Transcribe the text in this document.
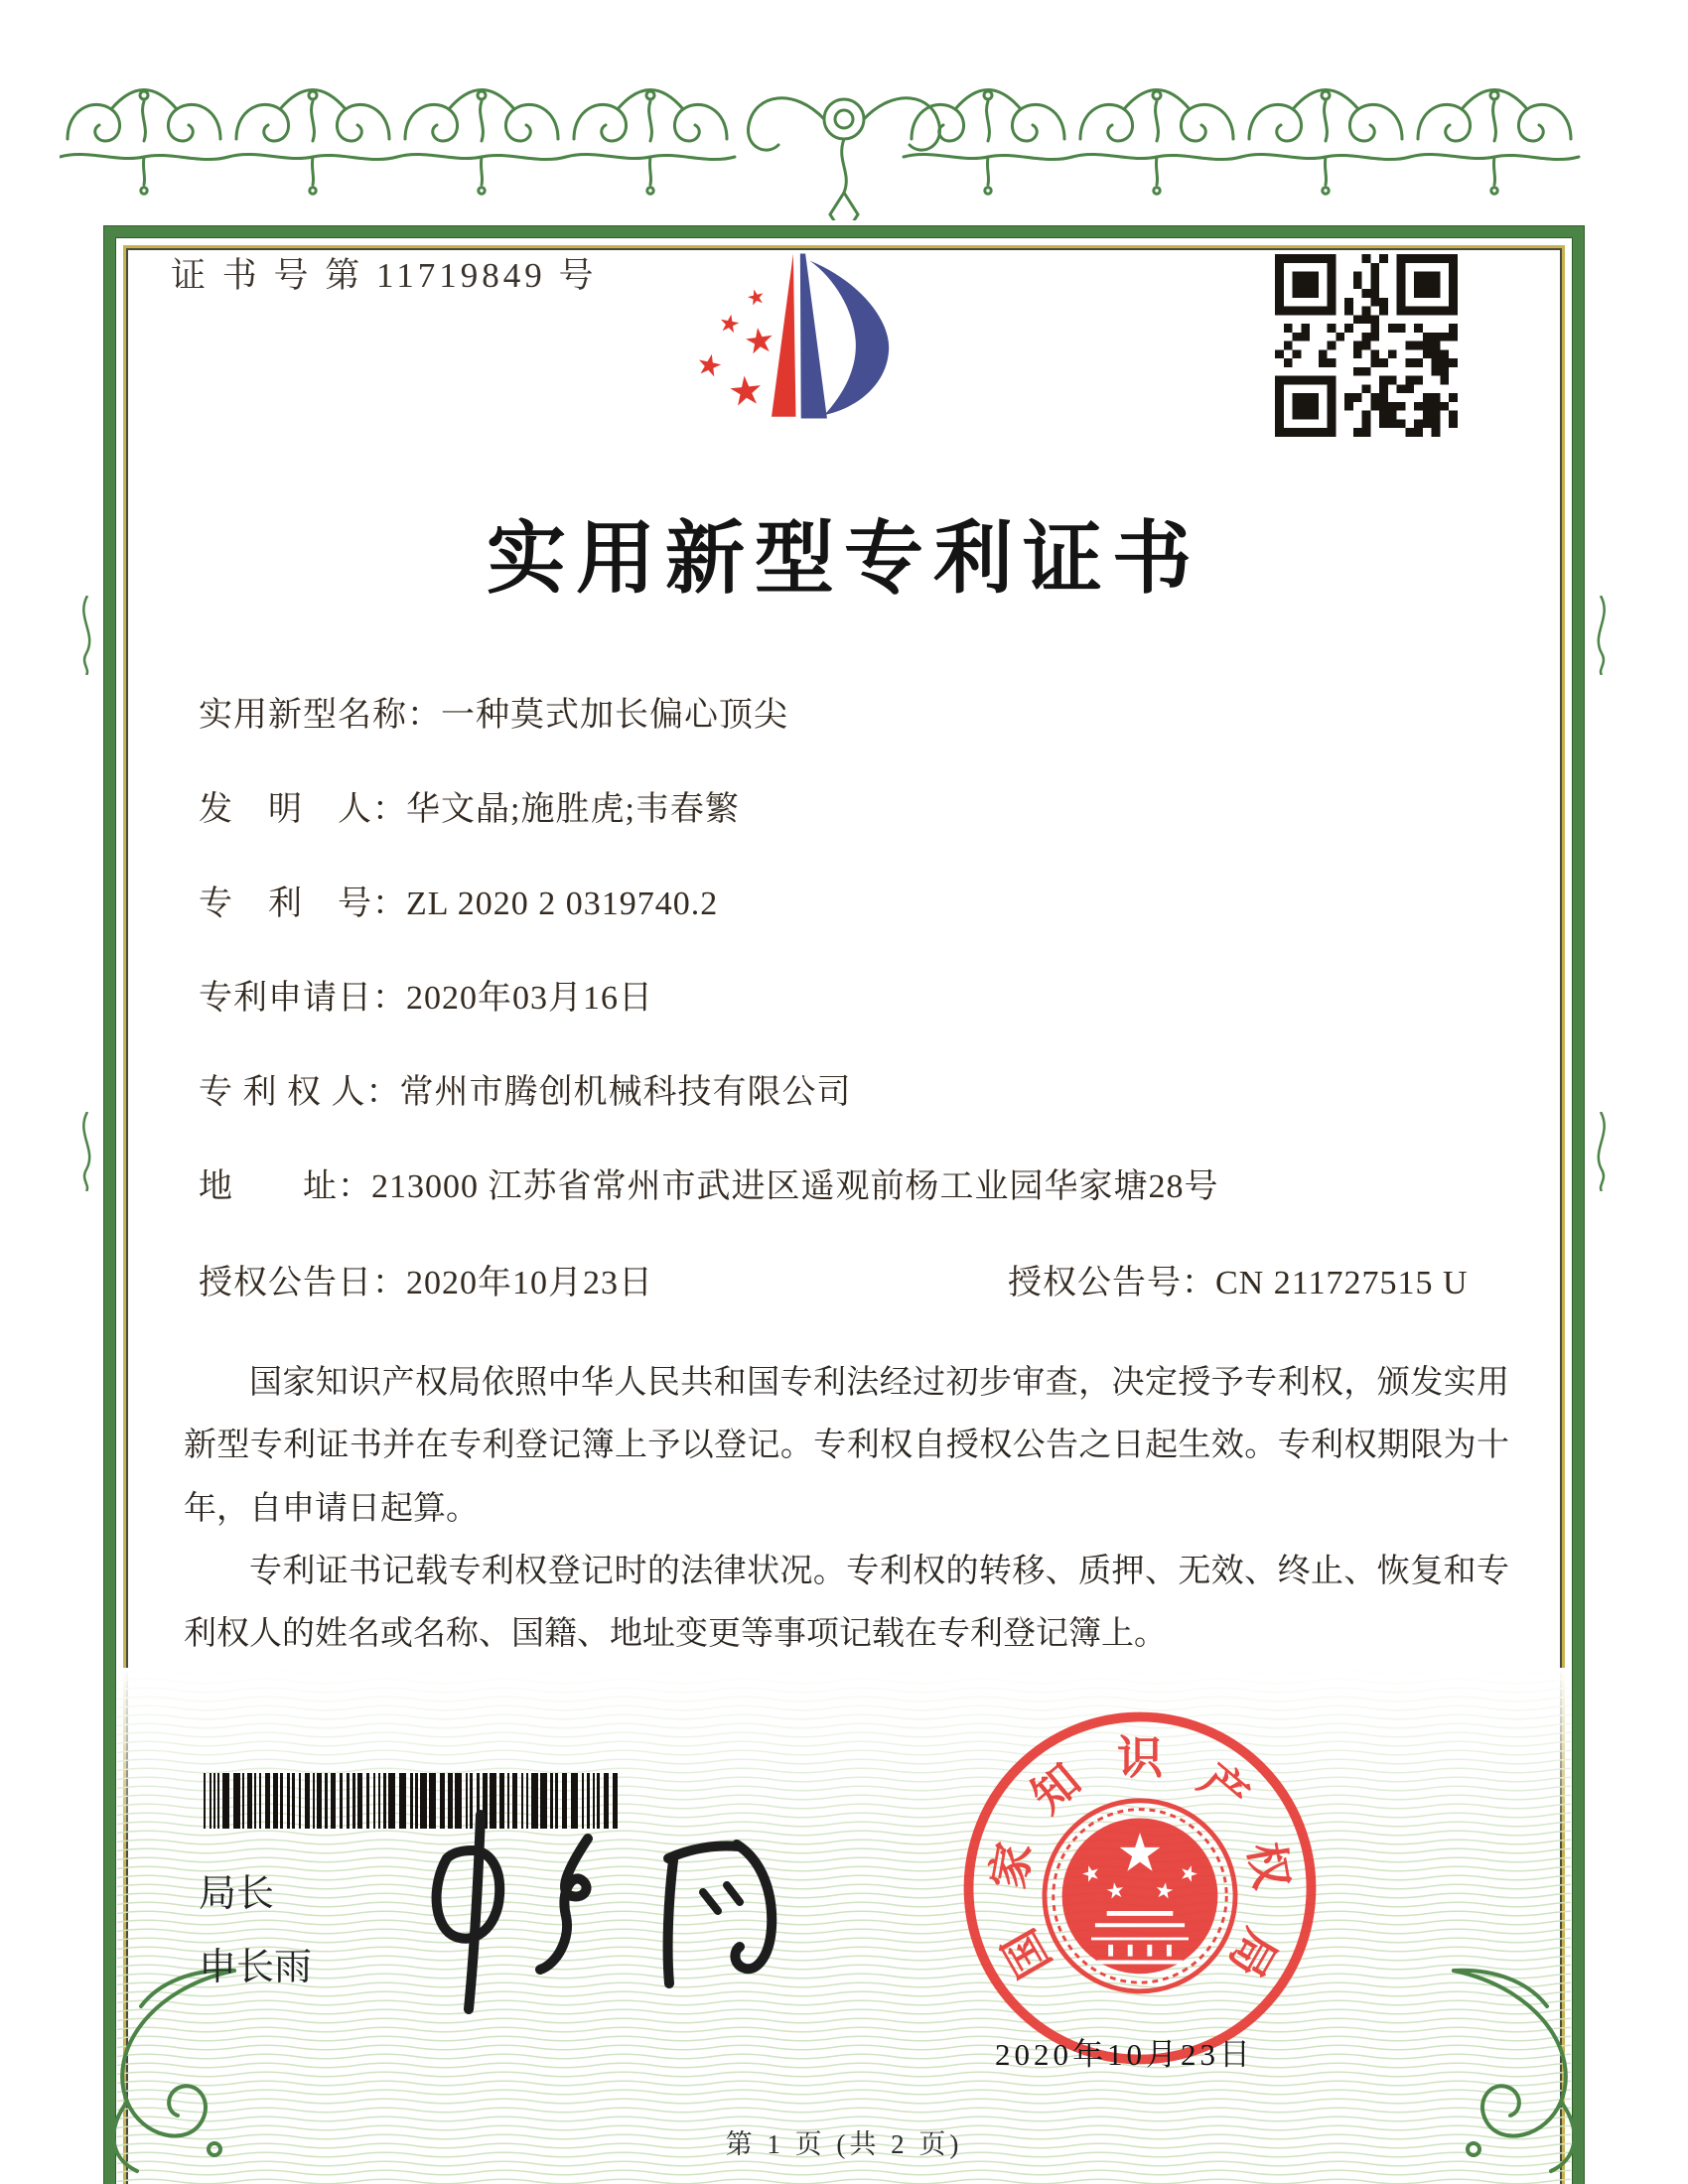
证 书 号 第 11719849 号
★
★
★
★
★
实用新型专利证书
实用新型名称：一种莫式加长偏心顶尖
发　明　人：华文晶;施胜虎;韦春繁
专　利　号：ZL 2020 2 0319740.2
专利申请日：2020年03月16日
专 利 权 人：常州市腾创机械科技有限公司
地　　址：213000 江苏省常州市武进区遥观前杨工业园华家塘28号
授权公告日：2020年10月23日	授权公告号：CN 211727515 U

国家知识产权局依照中华人民共和国专利法经过初步审查，决定授予专利权，颁发实用新型专利证书并在专利登记簿上予以登记。专利权自授权公告之日起生效。专利权期限为十年，自申请日起算。

专利证书记载专利权登记时的法律状况。专利权的转移、质押、无效、终止、恢复和专利权人的姓名或名称、国籍、地址变更等事项记载在专利登记簿上。

局长
申长雨	国
家
知 识 产
权
局
★
★
★ ★
★
2020年10月23日
第 1 页 (共 2 页)
